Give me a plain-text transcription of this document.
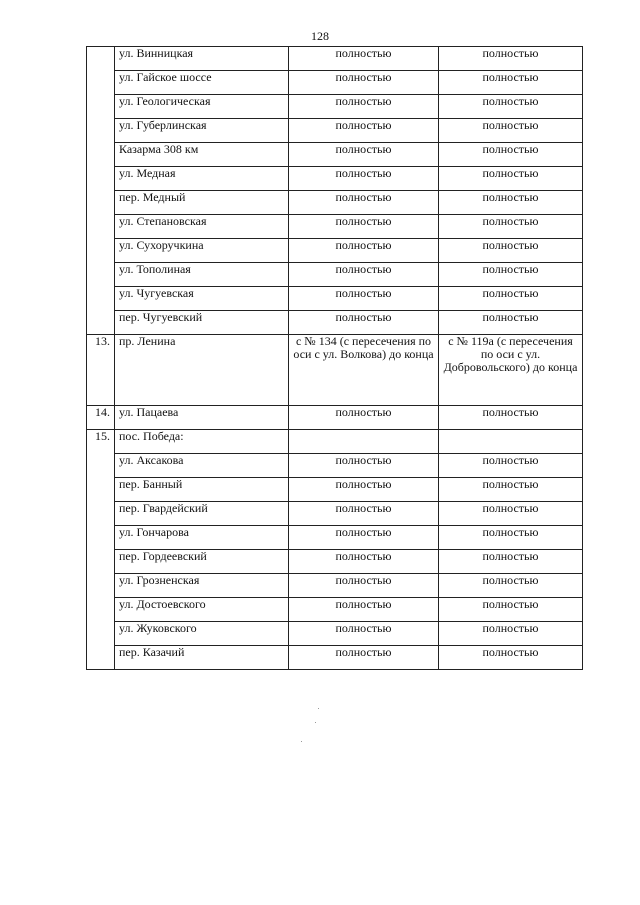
128
	ул. Винницкая	полностью	полностью
	ул. Гайское шоссе	полностью	полностью
	ул. Геологическая	полностью	полностью
	ул. Губерлинская	полностью	полностью
	Казарма 308 км	полностью	полностью
	ул. Медная	полностью	полностью
	пер. Медный	полностью	полностью
	ул. Степановская	полностью	полностью
	ул. Сухоручкина	полностью	полностью
	ул. Тополиная	полностью	полностью
	ул. Чугуевская	полностью	полностью
	пер. Чугуевский	полностью	полностью
13.	пр. Ленина	с № 134 (с пересечения по оси с ул. Волкова) до конца	с № 119а (с пересечения по оси с ул. Добровольского) до конца
14.	ул. Пацаева	полностью	полностью
15.	пос. Победа:		
	ул. Аксакова	полностью	полностью
	пер. Банный	полностью	полностью
	пер. Гвардейский	полностью	полностью
	ул. Гончарова	полностью	полностью
	пер. Гордеевский	полностью	полностью
	ул. Грозненская	полностью	полностью
	ул. Достоевского	полностью	полностью
	ул. Жуковского	полностью	полностью
	пер. Казачий	полностью	полностью
